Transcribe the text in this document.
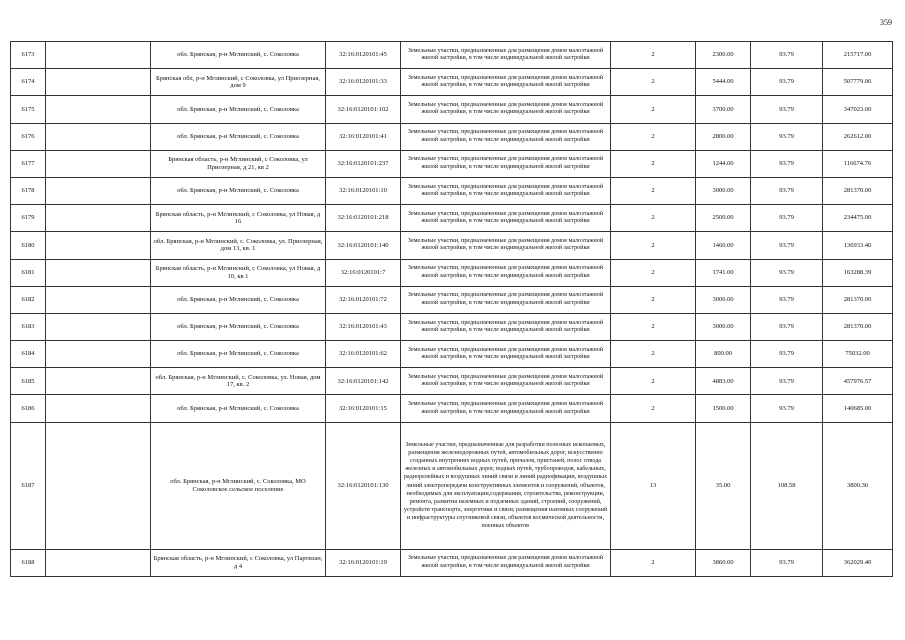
359
6173		обл. Брянская, р-н Мглинский, с. Соколовка	32:16:0120101:45	Земельные участки, предназначенные для размещения домов малоэтажной жилой застройки, в том числе индивидуальной жилой застройки	2	2300.00	93.79	215717.00
6174		Брянская обл, р-н Мглинский, с Соколовка, ул Приозерная, дом 9	32:16:0120101:33	Земельные участки, предназначенные для размещения домов малоэтажной жилой застройки, в том числе индивидуальной жилой застройки	2	5444.00	93.79	507779.06
6175		обл. Брянская, р-н Мглинский, с. Соколовка	32:16:0120101:102	Земельные участки, предназначенные для размещения домов малоэтажной жилой застройки, в том числе индивидуальной жилой застройки	2	3700.00	93.79	347023.00
6176		обл. Брянская, р-н Мглинский, с. Соколовка	32:16:0120101:41	Земельные участки, предназначенные для размещения домов малоэтажной жилой застройки, в том числе индивидуальной жилой застройки	2	2800.00	93.79	262612.00
6177		Брянская область, р-н Мглинский, с Соколовка, ул Приозерная, д 21, кв 2	32:16:0120101:237	Земельные участки, предназначенные для размещения домов малоэтажной жилой застройки, в том числе индивидуальной жилой застройки	2	1244.00	93.79	116674.76
6178		обл. Брянская, р-н Мглинский, с. Соколовка	32:16:0120101:10	Земельные участки, предназначенные для размещения домов малоэтажной жилой застройки, в том числе индивидуальной жилой застройки	2	3000.00	93.79	281370.00
6179		Брянская область, р-н Мглинский, с Соколовка, ул Новая, д 16	32:16:0120101:218	Земельные участки, предназначенные для размещения домов малоэтажной жилой застройки, в том числе индивидуальной жилой застройки	2	2500.00	93.79	234475.00
6180		обл. Брянская, р-н Мглинский, с. Соколовка, ул. Приозерная, дом 13, кв. 1	32:16:0120101:140	Земельные участки, предназначенные для размещения домов малоэтажной жилой застройки, в том числе индивидуальной жилой застройки	2	1460.00	93.79	136933.40
6181		Брянская область, р-н Мглинский, с Соколовка, ул Новая, д 10, кв 1	32:16:0120101:7	Земельные участки, предназначенные для размещения домов малоэтажной жилой застройки, в том числе индивидуальной жилой застройки	2	1741.00	93.79	163288.39
6182		обл. Брянская, р-н Мглинский, с. Соколовка	32:16:0120101:72	Земельные участки, предназначенные для размещения домов малоэтажной жилой застройки, в том числе индивидуальной жилой застройки	2	3000.00	93.79	281370.00
6183		обл. Брянская, р-н Мглинский, с. Соколовка	32:16:0120101:43	Земельные участки, предназначенные для размещения домов малоэтажной жилой застройки, в том числе индивидуальной жилой застройки	2	3000.00	93.79	281370.00
6184		обл. Брянская, р-н Мглинский, с. Соколовка	32:16:0120101:62	Земельные участки, предназначенные для размещения домов малоэтажной жилой застройки, в том числе индивидуальной жилой застройки	2	800.00	93.79	75032.00
6185		обл. Брянская, р-н Мглинский, с. Соколовка, ул. Новая, дом 17, кв. 2	32:16:0120101:142	Земельные участки, предназначенные для размещения домов малоэтажной жилой застройки, в том числе индивидуальной жилой застройки	2	4883.00	93.79	457976.57
6186		обл. Брянская, р-н Мглинский, с. Соколовка	32:16:0120101:15	Земельные участки, предназначенные для размещения домов малоэтажной жилой застройки, в том числе индивидуальной жилой застройки	2	1500.00	93.79	140685.00
6187		обл. Брянская, р-н Мглинский, с. Соколовка, МО Соколовское сельское поселение	32:16:0120101:130	Земельные участки, предназначенные для разработки полезных ископаемых, размещения железнодорожных путей, автомобильных дорог, искусственно созданных внутренних водных путей, причалов, пристаней, полос отвода железных и автомобильных дорог, водных путей, трубопроводов, кабельных, радиорелейных и воздушных линий связи и линий радиофикации, воздушных линий электропередачи конструктивных элементов и сооружений, объектов, необходимых для эксплуатации,содержания, строительства, реконструкции, ремонта, развития наземных и подземных зданий, строений, сооружений, устройств транспорта, энергетики и связи; размещения наземных сооружений и инфраструктуры спутниковой связи, объектов космической деятельности, военных объектов	13	35.00	108.58	3800.30
6188		Брянская область, р-н Мглинский, с Соколовка, ул Партизан, д 4	32:16:0120101:19	Земельные участки, предназначенные для размещения домов малоэтажной жилой застройки, в том числе индивидуальной жилой застройки	2	3860.00	93.79	362029.40
